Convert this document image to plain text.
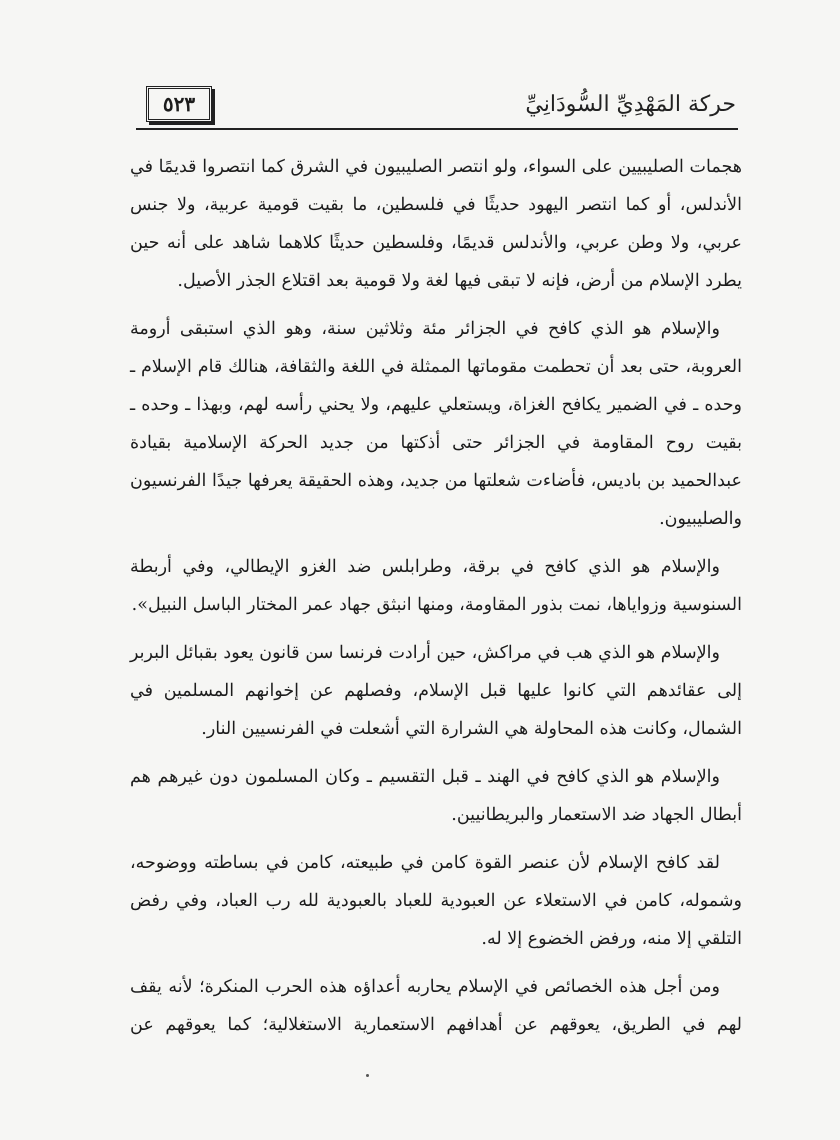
حركة المَهْدِيِّ السُّودَانِيِّ
٥٢٣

هجمات الصليبيين على السواء، ولو انتصر الصليبيون في الشرق كما انتصروا قديمًا في الأندلس، أو كما انتصر اليهود حديثًا في فلسطين، ما بقيت قومية عربية، ولا جنس عربي، ولا وطن عربي، والأندلس قديمًا، وفلسطين حديثًا كلاهما شاهد على أنه حين يطرد الإسلام من أرض، فإنه لا تبقى فيها لغة ولا قومية بعد اقتلاع الجذر الأصيل.

والإسلام هو الذي كافح في الجزائر مئة وثلاثين سنة، وهو الذي استبقى أرومة العروبة، حتى بعد أن تحطمت مقوماتها الممثلة في اللغة والثقافة، هنالك قام الإسلام ـ وحده ـ في الضمير يكافح الغزاة، ويستعلي عليهم، ولا يحني رأسه لهم، وبهذا ـ وحده ـ بقيت روح المقاومة في الجزائر حتى أذكتها من جديد الحركة الإسلامية بقيادة عبدالحميد بن باديس، فأضاءت شعلتها من جديد، وهذه الحقيقة يعرفها جيدًا الفرنسيون والصليبيون.

والإسلام هو الذي كافح في برقة، وطرابلس ضد الغزو الإيطالي، وفي أربطة السنوسية وزواياها، نمت بذور المقاومة، ومنها انبثق جهاد عمر المختار الباسل النبيل».

والإسلام هو الذي هب في مراكش، حين أرادت فرنسا سن قانون يعود بقبائل البربر إلى عقائدهم التي كانوا عليها قبل الإسلام، وفصلهم عن إخوانهم المسلمين في الشمال، وكانت هذه المحاولة هي الشرارة التي أشعلت في الفرنسيين النار.

والإسلام هو الذي كافح في الهند ـ قبل التقسيم ـ وكان المسلمون دون غيرهم هم أبطال الجهاد ضد الاستعمار والبريطانيين.

لقد كافح الإسلام لأن عنصر القوة كامن في طبيعته، كامن في بساطته ووضوحه، وشموله، كامن في الاستعلاء عن العبودية للعباد بالعبودية لله رب العباد، وفي رفض التلقي إلا منه، ورفض الخضوع إلا له.

ومن أجل هذه الخصائص في الإسلام يحاربه أعداؤه هذه الحرب المنكرة؛ لأنه يقف لهم في الطريق، يعوقهم عن أهدافهم الاستعمارية الاستغلالية؛ كما يعوقهم عن
